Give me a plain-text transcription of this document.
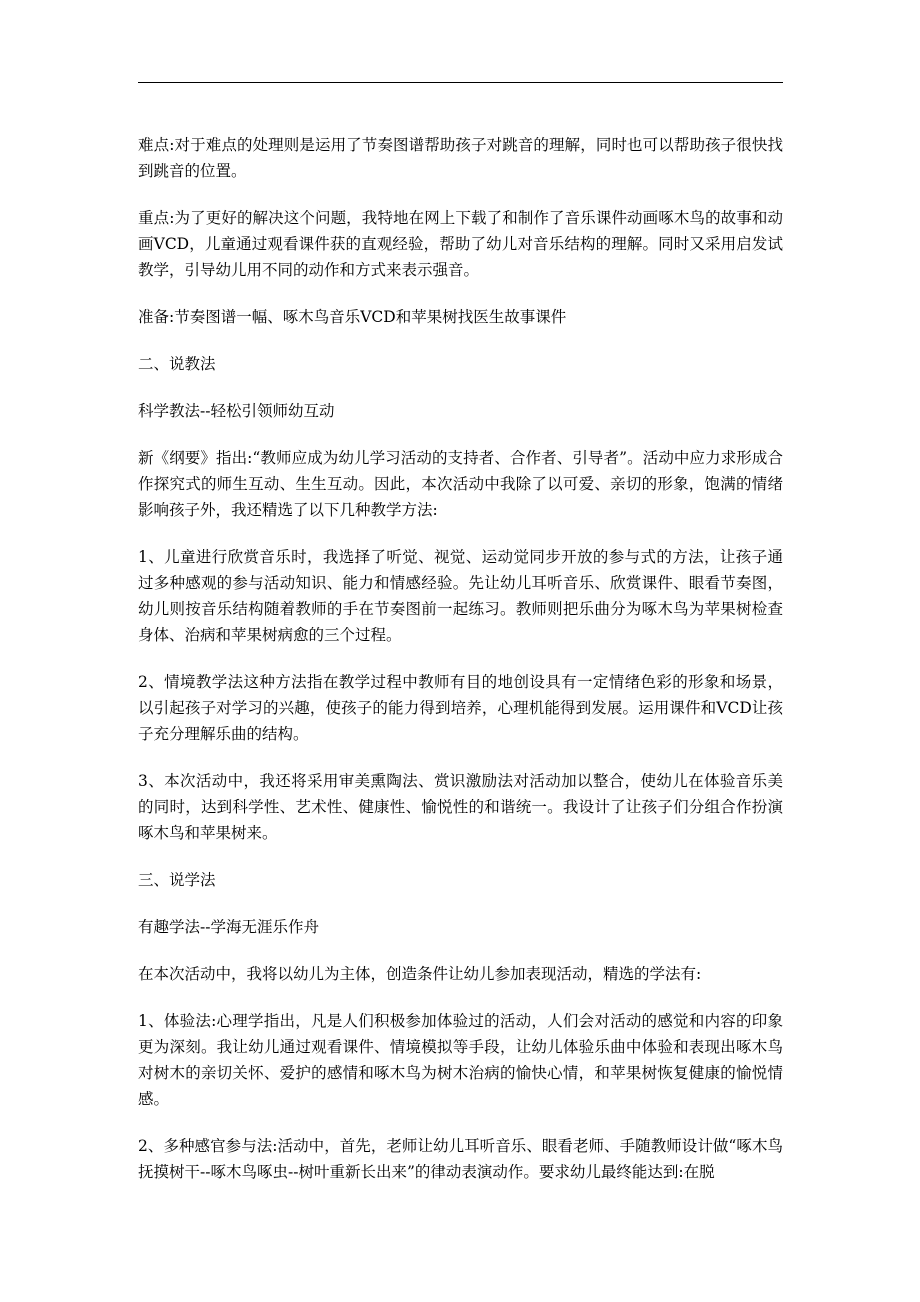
难点:对于难点的处理则是运用了节奏图谱帮助孩子对跳音的理解，同时也可以帮助孩子很快找到跳音的位置。

重点:为了更好的解决这个问题，我特地在网上下载了和制作了音乐课件动画啄木鸟的故事和动画VCD，儿童通过观看课件获的直观经验，帮助了幼儿对音乐结构的理解。同时又采用启发试教学，引导幼儿用不同的动作和方式来表示强音。

准备:节奏图谱一幅、啄木鸟音乐VCD和苹果树找医生故事课件

二、说教法

科学教法--轻松引领师幼互动

新《纲要》指出:“教师应成为幼儿学习活动的支持者、合作者、引导者”。活动中应力求形成合作探究式的师生互动、生生互动。因此，本次活动中我除了以可爱、亲切的形象，饱满的情绪影响孩子外，我还精选了以下几种教学方法:

1、儿童进行欣赏音乐时，我选择了听觉、视觉、运动觉同步开放的参与式的方法，让孩子通过多种感观的参与活动知识、能力和情感经验。先让幼儿耳听音乐、欣赏课件、眼看节奏图，幼儿则按音乐结构随着教师的手在节奏图前一起练习。教师则把乐曲分为啄木鸟为苹果树检查身体、治病和苹果树病愈的三个过程。

2、情境教学法这种方法指在教学过程中教师有目的地创设具有一定情绪色彩的形象和场景，以引起孩子对学习的兴趣，使孩子的能力得到培养，心理机能得到发展。运用课件和VCD让孩子充分理解乐曲的结构。

3、本次活动中，我还将采用审美熏陶法、赏识激励法对活动加以整合，使幼儿在体验音乐美的同时，达到科学性、艺术性、健康性、愉悦性的和谐统一。我设计了让孩子们分组合作扮演啄木鸟和苹果树来。

三、说学法

有趣学法--学海无涯乐作舟

在本次活动中，我将以幼儿为主体，创造条件让幼儿参加表现活动，精选的学法有:

1、体验法:心理学指出，凡是人们积极参加体验过的活动，人们会对活动的感觉和内容的印象更为深刻。我让幼儿通过观看课件、情境模拟等手段，让幼儿体验乐曲中体验和表现出啄木鸟对树木的亲切关怀、爱护的感情和啄木鸟为树木治病的愉快心情，和苹果树恢复健康的愉悦情感。

2、多种感官参与法:活动中，首先，老师让幼儿耳听音乐、眼看老师、手随教师设计做“啄木鸟抚摸树干--啄木鸟啄虫--树叶重新长出来”的律动表演动作。要求幼儿最终能达到:在脱
